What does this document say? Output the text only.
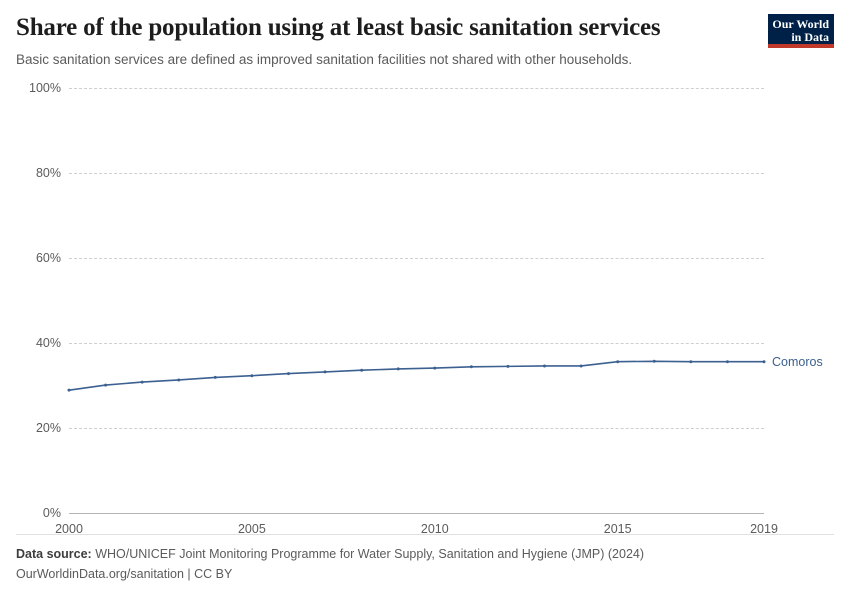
Share of the population using at least basic sanitation services
Basic sanitation services are defined as improved sanitation facilities not shared with other households.
Our World
in Data
0%
20%
40%
60%
80%
100%
2000	2005	2010	2015	2019
Comoros
Data source: WHO/UNICEF Joint Monitoring Programme for Water Supply, Sanitation and Hygiene (JMP) (2024)
OurWorldinData.org/sanitation | CC BY
